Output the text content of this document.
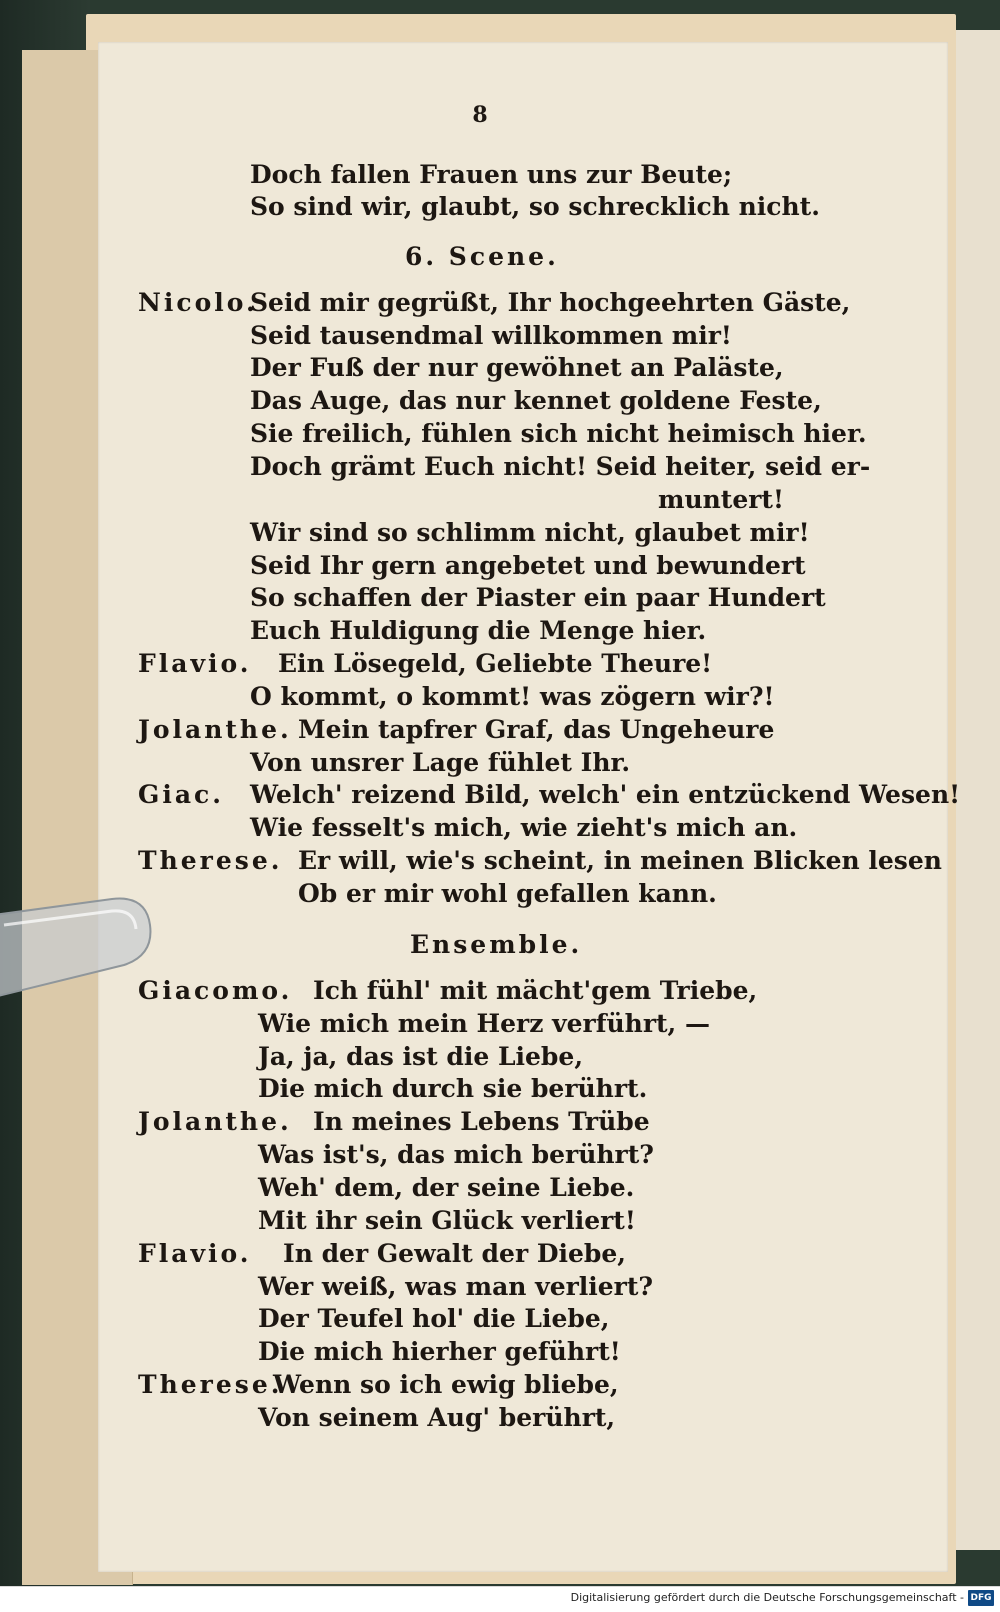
8
Doch fallen Frauen uns zur Beute;
So sind wir, glaubt, so schrecklich nicht.
6. Scene.
Nicolo.
Seid mir gegrüßt, Ihr hochgeehrten Gäste,
Seid tausendmal willkommen mir!
Der Fuß der nur gewöhnet an Paläste,
Das Auge, das nur kennet goldene Feste,
Sie freilich, fühlen sich nicht heimisch hier.
Doch grämt Euch nicht! Seid heiter, seid er-
muntert!
Wir sind so schlimm nicht, glaubet mir!
Seid Ihr gern angebetet und bewundert
So schaffen der Piaster ein paar Hundert
Euch Huldigung die Menge hier.
Flavio. Ein Lösegeld, Geliebte Theure!
O kommt, o kommt! was zögern wir?!
Jolanthe. Mein tapfrer Graf, das Ungeheure
Von unsrer Lage fühlet Ihr.
Giac. Welch' reizend Bild, welch' ein entzückend Wesen!
Wie fesselt's mich, wie zieht's mich an.
Therese. Er will, wie's scheint, in meinen Blicken lesen
Ob er mir wohl gefallen kann.
Ensemble.
Giacomo. Ich fühl' mit mächt'gem Triebe,
Wie mich mein Herz verführt, —
Ja, ja, das ist die Liebe,
Die mich durch sie berührt.
Jolanthe. In meines Lebens Trübe
Was ist's, das mich berührt?
Weh' dem, der seine Liebe.
Mit ihr sein Glück verliert!
Flavio. In der Gewalt der Diebe,
Wer weiß, was man verliert?
Der Teufel hol' die Liebe,
Die mich hierher geführt!
Therese.
Wenn so ich ewig bliebe,
Von seinem Aug' berührt,
Digitalisierung gefördert durch die Deutsche Forschungsgemeinschaft - DFG
